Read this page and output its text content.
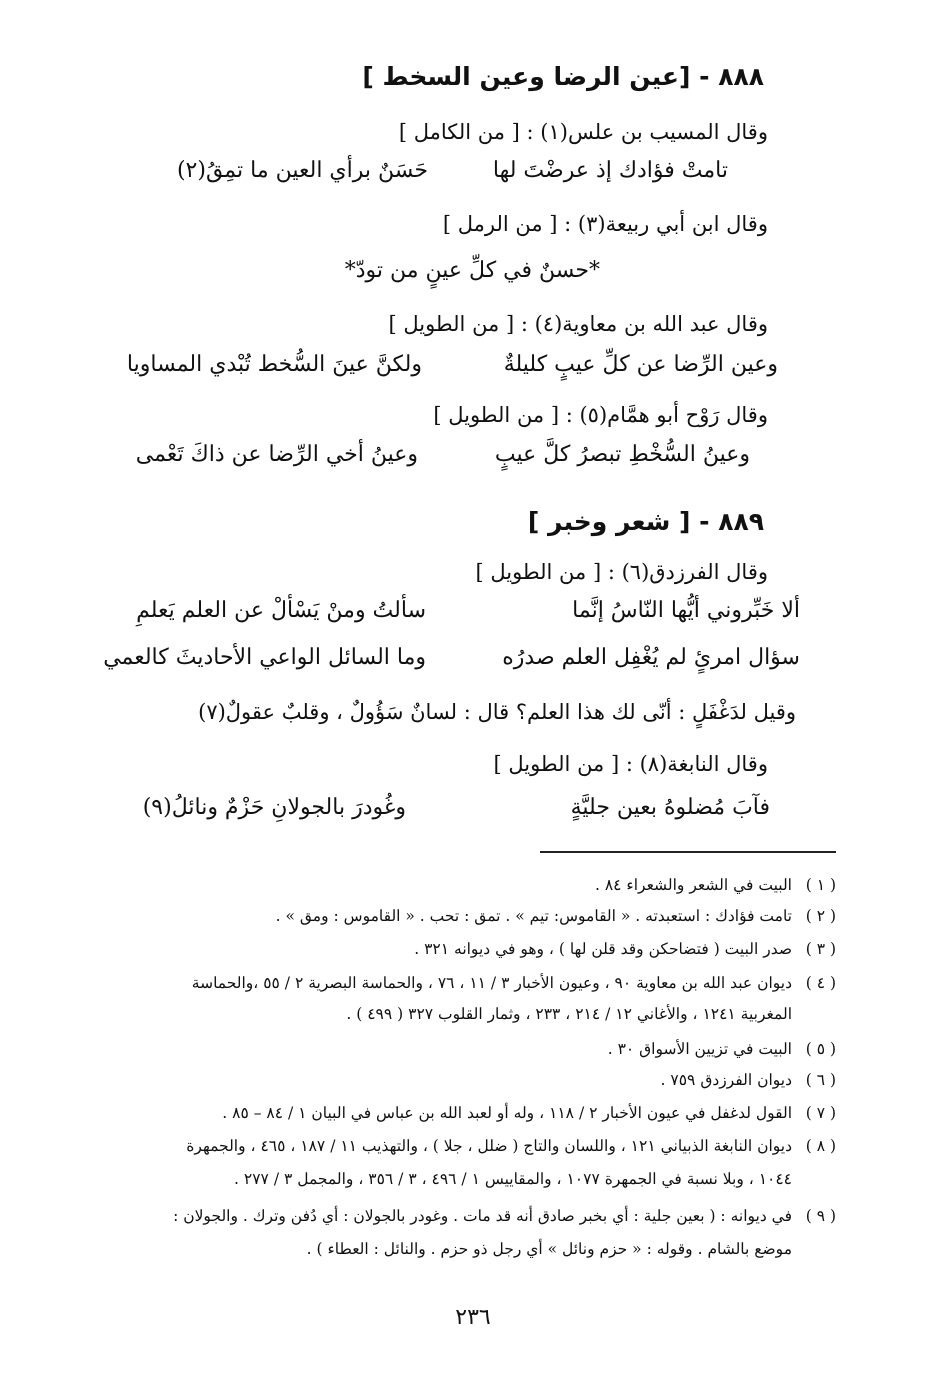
٨٨٨ - [عين الرضا وعين السخط ]
وقال المسيب بن علس(١) : [ من الكامل ]
تامتْ فؤادك إذ عرضْتَ لها
حَسَنٌ برأي العين ما تمِقُ(٢)
وقال ابن أبي ربيعة(٣) : [ من الرمل ]
*حسنٌ في كلِّ عينٍ من تودّ*
وقال عبد الله بن معاوية(٤) : [ من الطويل ]
وعين الرِّضا عن كلِّ عيبٍ كليلةٌ
ولكنَّ عينَ السُّخط تُبْدي المساويا
وقال رَوْح أبو همَّام(٥) : [ من الطويل ]
وعينُ السُّخْطِ تبصرُ كلَّ عيبٍ
وعينُ أخي الرِّضا عن ذاكَ تَعْمى
٨٨٩ - [ شعر وخبر ]
وقال الفرزدق(٦) : [ من الطويل ]
ألا خَبِّروني أيُّها النّاسُ إنَّما
سألتُ ومنْ يَسْألْ عن العلم يَعلمِ
سؤال امرئٍ لم يُغْفِل العلم صدرُه
وما السائل الواعي الأحاديثَ كالعمي
وقيل لدَغْفَلٍ : أنّى لك هذا العلم؟ قال : لسانٌ سَؤُولٌ ، وقلبٌ عقولٌ(٧)
وقال النابغة(٨) : [ من الطويل ]
فآبَ مُضلوهُ بعين جليَّةٍ
وغُودرَ بالجولانِ حَزْمٌ ونائلُ(٩)
( ١ )
البيت في الشعر والشعراء ٨٤ .
( ٢ )
تامت فؤادك : استعبدته . « القاموس: تيم » . تمق : تحب . « القاموس : ومق » .
( ٣ )
صدر البيت ( فتضاحكن وقد قلن لها ) ، وهو في ديوانه ٣٢١ .
( ٤ )
ديوان عبد الله بن معاوية ٩٠ ، وعيون الأخبار ٣ / ١١ ، ٧٦ ، والحماسة البصرية ٢ / ٥٥ ،والحماسة
المغربية ١٢٤١ ، والأغاني ١٢ / ٢١٤ ، ٢٣٣ ، وثمار القلوب ٣٢٧ ( ٤٩٩ ) .
( ٥ )
البيت في تزيين الأسواق ٣٠ .
( ٦ )
ديوان الفرزدق ٧٥٩ .
( ٧ )
القول لدغفل في عيون الأخبار ٢ / ١١٨ ، وله أو لعبد الله بن عباس في البيان ١ / ٨٤ – ٨٥ .
( ٨ )
ديوان النابغة الذبياني ١٢١ ، واللسان والتاج ( ضلل ، جلا ) ، والتهذيب ١١ / ١٨٧ ، ٤٦٥ ، والجمهرة
١٠٤٤ ، وبلا نسبة في الجمهرة ١٠٧٧ ، والمقاييس ١ / ٤٩٦ ، ٣ / ٣٥٦ ، والمجمل ٣ / ٢٧٧ .
( ٩ )
في ديوانه : ( بعين جلية : أي بخبر صادق أنه قد مات . وغودر بالجولان : أي دُفن وترك . والجولان :
موضع بالشام . وقوله : « حزم ونائل » أي رجل ذو حزم . والنائل : العطاء ) .
٢٣٦
